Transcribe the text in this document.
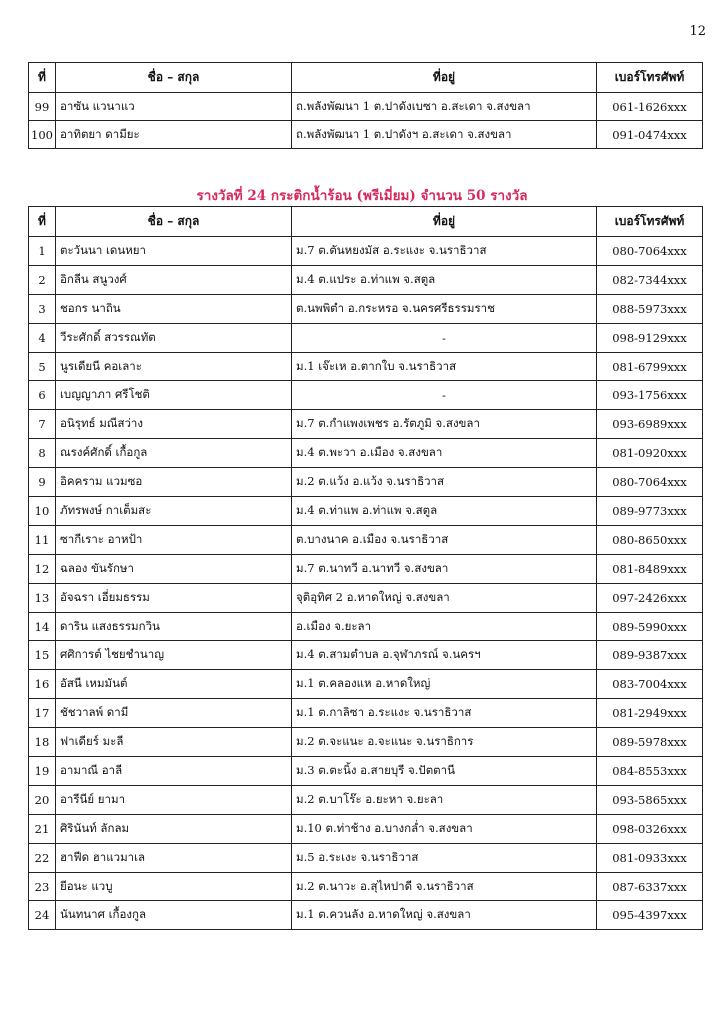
12
ที่	ชื่อ – สกุล	ที่อยู่	เบอร์โทรศัพท์
99	อาซัน แวนาแว	ถ.พลังพัฒนา 1 ต.ปาดังเบซา อ.สะเดา จ.สงขลา	061-1626xxx
100	อาทิตยา ดามียะ	ถ.พลังพัฒนา 1 ต.ปาดังฯ อ.สะเดา จ.สงขลา	091-0474xxx
รางวัลที่ 24 กระติกน้ำร้อน (พรีเมี่ยม) จำนวน 50 รางวัล
ที่	ชื่อ – สกุล	ที่อยู่	เบอร์โทรศัพท์
1	ตะวันนา เดนหยา	ม.7 ต.ตันหยงมัส อ.ระแงะ จ.นราธิวาส	080-7064xxx
2	อิกลีน สนูวงศ์	ม.4 ต.แประ อ.ท่าแพ จ.สตูล	082-7344xxx
3	ชอกร นาถิน	ต.นพพิตำ อ.กระหรอ จ.นครศรีธรรมราช	088-5973xxx
4	วีระศักดิ์ สวรรณทัต	-	098-9129xxx
5	นูรเดียนี คอเลาะ	ม.1 เจ๊ะเห อ.ตากใบ จ.นราธิวาส	081-6799xxx
6	เบญญาภา ศรีโชติ	-	093-1756xxx
7	อนิรุทธ์ มณีสว่าง	ม.7 ต.กำแพงเพชร อ.รัตภูมิ จ.สงขลา	093-6989xxx
8	ณรงค์ศักดิ์ เกื้อกูล	ม.4 ต.พะวา อ.เมือง จ.สงขลา	081-0920xxx
9	อิคคราม แวมซอ	ม.2 ต.แว้ง อ.แว้ง จ.นราธิวาส	080-7064xxx
10	ภัทรพงษ์ กาเต็มสะ	ม.4 ต.ท่าแพ อ.ท่าแพ จ.สตูล	089-9773xxx
11	ซากีเราะ อาหป้า	ต.บางนาค อ.เมือง จ.นราธิวาส	080-8650xxx
12	ฉลอง ขันรักษา	ม.7 ต.นาทวี อ.นาทวี จ.สงขลา	081-8489xxx
13	อัจฉรา เอี่ยมธรรม	จุติอุทิศ 2 อ.หาดใหญ่ จ.สงขลา	097-2426xxx
14	ดาริน แสงธรรมกวิน	อ.เมือง จ.ยะลา	089-5990xxx
15	ศศิการต์ ไชยชำนาญ	ม.4 ต.สามตำบล อ.จุฬาภรณ์ จ.นครฯ	089-9387xxx
16	อัสนี เหมมันต์	ม.1 ต.คลองแห อ.หาดใหญ่	083-7004xxx
17	ชัชวาลพ์ ดามี	ม.1 ต.กาลิซา อ.ระแงะ จ.นราธิวาส	081-2949xxx
18	ฟาเดียร์ มะลี	ม.2 ต.จะแนะ อ.จะแนะ จ.นราธิการ	089-5978xxx
19	อามาณี อาลี	ม.3 ต.ตะนิ้ง อ.สายบุรี จ.ปัตตานี	084-8553xxx
20	อารีนีย์ ยามา	ม.2 ต.บาโร๊ะ อ.ยะหา จ.ยะลา	093-5865xxx
21	ศิรินันท์ ลักลม	ม.10 ต.ท่าช้าง อ.บางกล่ำ จ.สงขลา	098-0326xxx
22	ฮาฟีด ฮาแวมาเล	ม.5 อ.ระเงะ จ.นราธิวาส	081-0933xxx
23	ยีอนะ แวบู	ม.2 ต.นาวะ อ.สุไหปาดี จ.นราธิวาส	087-6337xxx
24	นันทนาศ เกื้องกูล	ม.1 ต.ควนลัง อ.หาดใหญ่ จ.สงขลา	095-4397xxx
